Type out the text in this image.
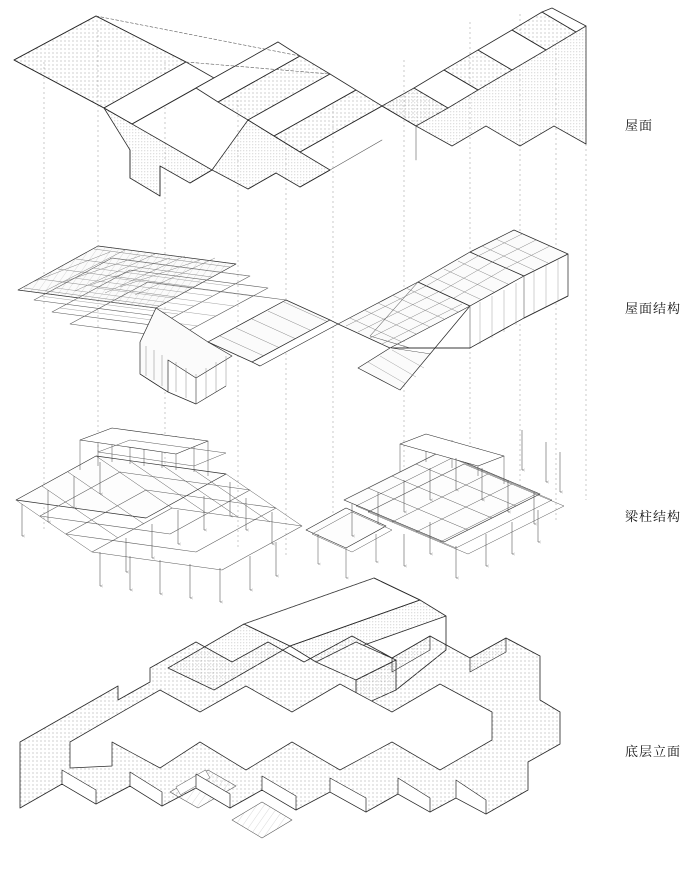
屋面
屋面结构
梁柱结构
底层立面
